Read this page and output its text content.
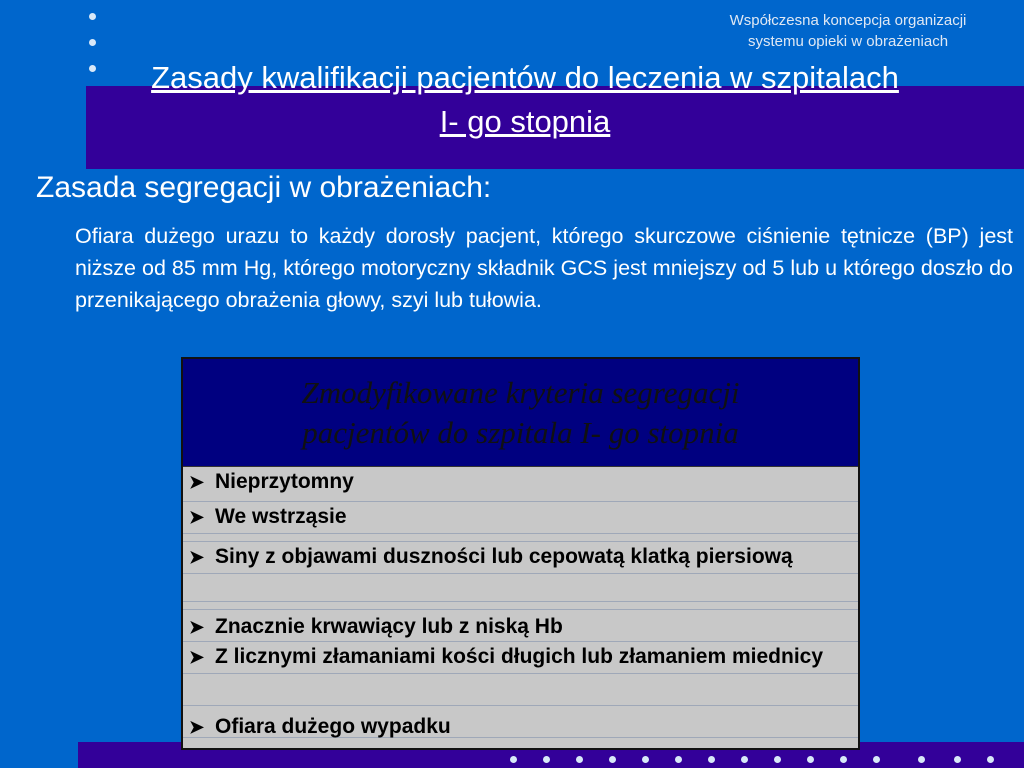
Współczesna koncepcja organizacji
systemu opieki w obrażeniach
Zasady kwalifikacji pacjentów do leczenia w szpitalach
I- go stopnia
Zasada segregacji w obrażeniach:
Ofiara dużego urazu to każdy dorosły pacjent, którego skurczowe ciśnienie tętnicze (BP) jest niższe od 85 mm Hg, którego motoryczny składnik GCS jest mniejszy od 5 lub u którego doszło do przenikającego obrażenia głowy, szyi lub tułowia.
Zmodyfikowane kryteria segregacji
pacjentów do szpitala I- go stopnia
➤ Nieprzytomny
➤ We wstrząsie
➤ Siny z objawami duszności lub cepowatą klatką piersiową
➤ Znacznie krwawiący lub z niską Hb
➤ Z licznymi złamaniami kości długich lub złamaniem miednicy
➤ Ofiara dużego wypadku
